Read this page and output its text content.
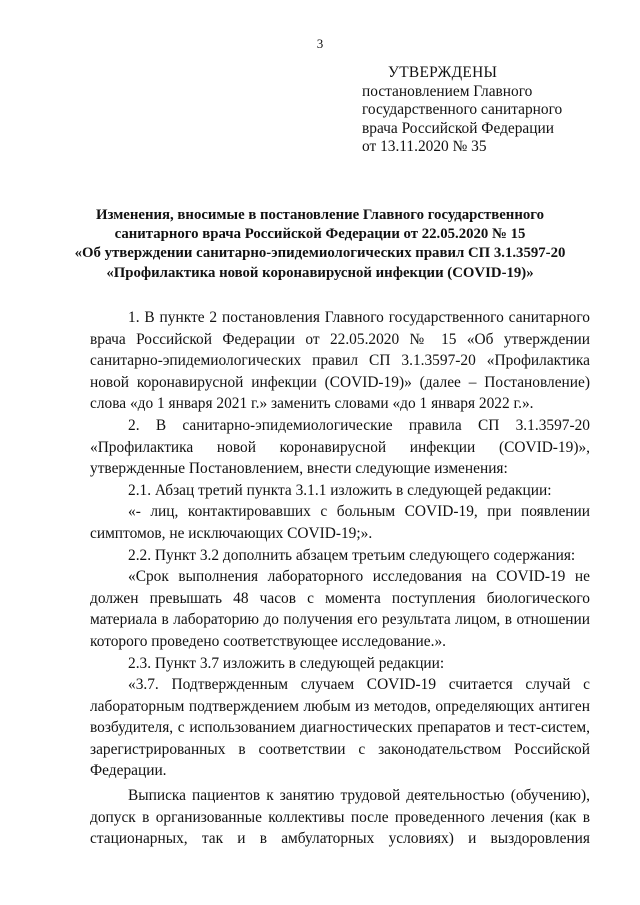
3
УТВЕРЖДЕНЫ
постановлением Главного
государственного санитарного
врача Российской Федерации
от 13.11.2020 № 35
Изменения, вносимые в постановление Главного государственного
санитарного врача Российской Федерации от 22.05.2020 № 15
«Об утверждении санитарно-эпидемиологических правил СП 3.1.3597-20
«Профилактика новой коронавирусной инфекции (COVID-19)»

1. В пункте 2 постановления Главного государственного санитарного врача Российской Федерации от 22.05.2020 № 15 «Об утверждении санитарно-эпидемиологических правил СП 3.1.3597-20 «Профилактика новой коронавирусной инфекции (COVID-19)» (далее – Постановление) слова «до 1 января 2021 г.» заменить словами «до 1 января 2022 г.».

2. В санитарно-эпидемиологические правила СП 3.1.3597-20 «Профилактика новой коронавирусной инфекции (COVID-19)», утвержденные Постановлением, внести следующие изменения:

2.1. Абзац третий пункта 3.1.1 изложить в следующей редакции:

«- лиц, контактировавших с больным COVID-19, при появлении симптомов, не исключающих COVID-19;».

2.2. Пункт 3.2 дополнить абзацем третьим следующего содержания:

«Срок выполнения лабораторного исследования на COVID-19 не должен превышать 48 часов с момента поступления биологического материала в лабораторию до получения его результата лицом, в отношении которого проведено соответствующее исследование.».

2.3. Пункт 3.7 изложить в следующей редакции:

«3.7. Подтвержденным случаем COVID-19 считается случай с лабораторным подтверждением любым из методов, определяющих антиген возбудителя, с использованием диагностических препаратов и тест-систем, зарегистрированных в соответствии с законодательством Российской Федерации.

Выписка пациентов к занятию трудовой деятельностью (обучению), допуск в организованные коллективы после проведенного лечения (как в стационарных, так и в амбулаторных условиях) и выздоровления
